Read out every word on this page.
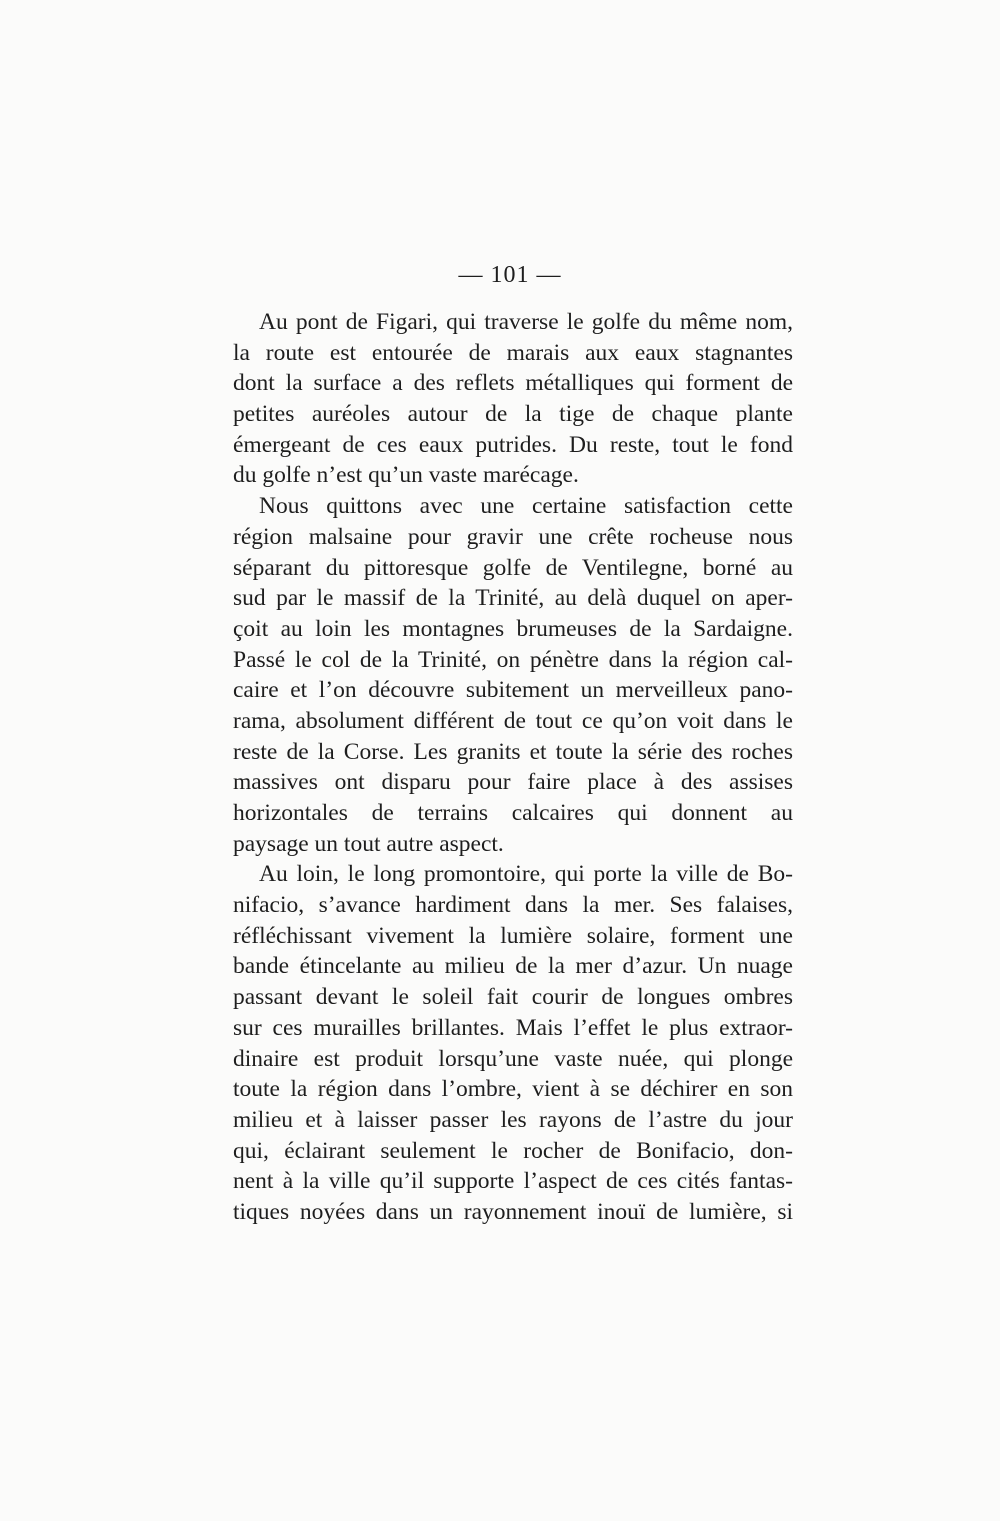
— 101 —
Au pont de Figari, qui traverse le golfe du même nom,
la route est entourée de marais aux eaux stagnantes
dont la surface a des reflets métalliques qui forment de
petites auréoles autour de la tige de chaque plante
émergeant de ces eaux putrides. Du reste, tout le fond
du golfe n’est qu’un vaste marécage.
Nous quittons avec une certaine satisfaction cette
région malsaine pour gravir une crête rocheuse nous
séparant du pittoresque golfe de Ventilegne, borné au
sud par le massif de la Trinité, au delà duquel on aper-
çoit au loin les montagnes brumeuses de la Sardaigne.
Passé le col de la Trinité, on pénètre dans la région cal-
caire et l’on découvre subitement un merveilleux pano-
rama, absolument différent de tout ce qu’on voit dans le
reste de la Corse. Les granits et toute la série des roches
massives ont disparu pour faire place à des assises
horizontales de terrains calcaires qui donnent au
paysage un tout autre aspect.
Au loin, le long promontoire, qui porte la ville de Bo-
nifacio, s’avance hardiment dans la mer. Ses falaises,
réfléchissant vivement la lumière solaire, forment une
bande étincelante au milieu de la mer d’azur. Un nuage
passant devant le soleil fait courir de longues ombres
sur ces murailles brillantes. Mais l’effet le plus extraor-
dinaire est produit lorsqu’une vaste nuée, qui plonge
toute la région dans l’ombre, vient à se déchirer en son
milieu et à laisser passer les rayons de l’astre du jour
qui, éclairant seulement le rocher de Bonifacio, don-
nent à la ville qu’il supporte l’aspect de ces cités fantas-
tiques noyées dans un rayonnement inouï de lumière, si
